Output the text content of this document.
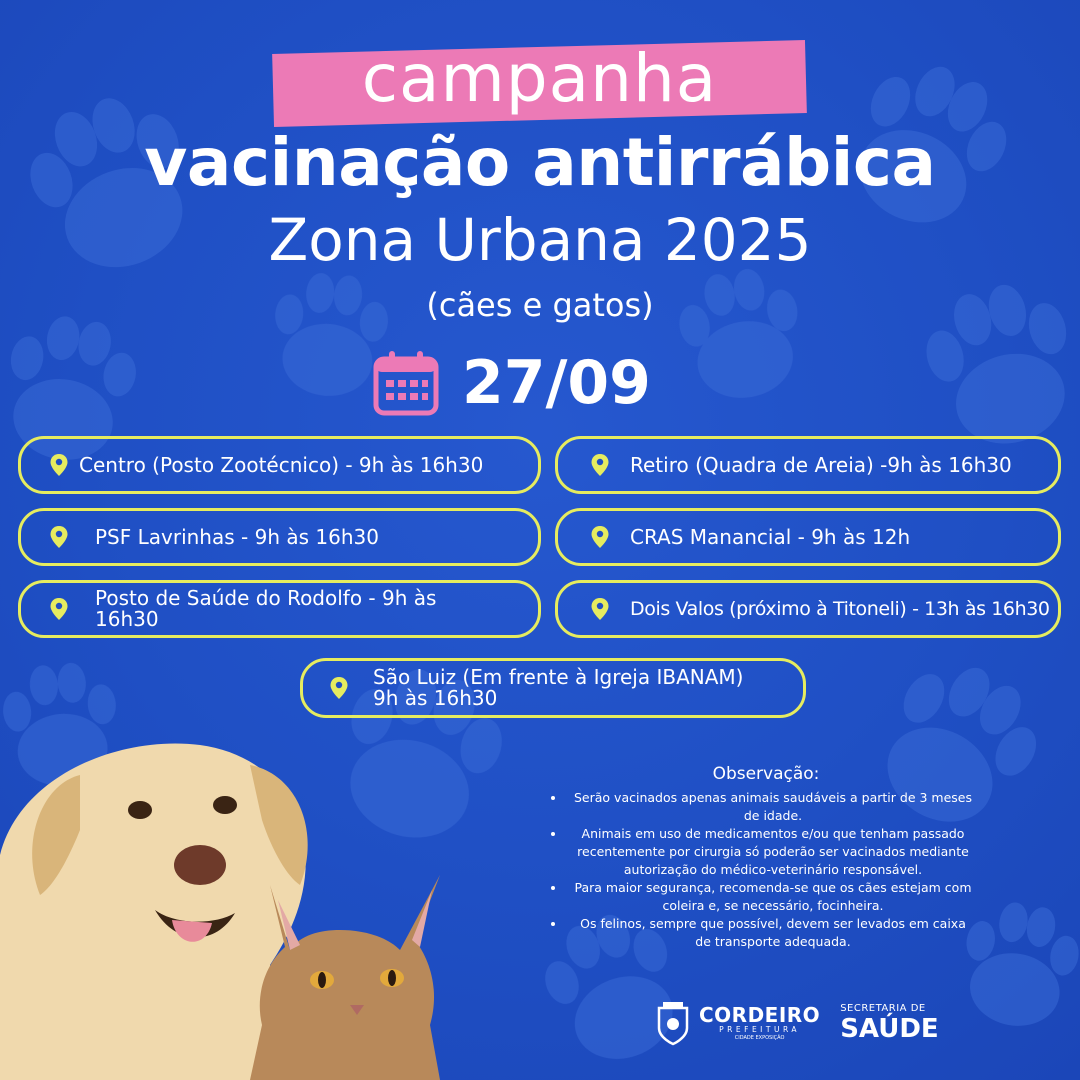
campanha
vacinação antirrábica
Zona Urbana 2025
(cães e gatos)
27/09
Centro (Posto Zootécnico) - 9h às 16h30	Retiro (Quadra de Areia) -9h às 16h30
PSF Lavrinhas - 9h às 16h30	CRAS Manancial - 9h às 12h
Posto de Saúde do Rodolfo - 9h às
16h30	Dois Valos (próximo à Titoneli) - 13h às 16h30
São Luiz (Em frente à Igreja IBANAM)
9h às 16h30
Observação:
• Serão vacinados apenas animais saudáveis a partir de 3 meses de idade.
• Animais em uso de medicamentos e/ou que tenham passado recentemente por cirurgia só poderão ser vacinados mediante autorização do médico-veterinário responsável.
• Para maior segurança, recomenda-se que os cães estejam com coleira e, se necessário, focinheira.
• Os felinos, sempre que possível, devem ser levados em caixa de transporte adequada.
CORDEIRO
PREFEITURA
CIDADE EXPOSIÇÃO
SECRETARIA DE
SAÚDE
